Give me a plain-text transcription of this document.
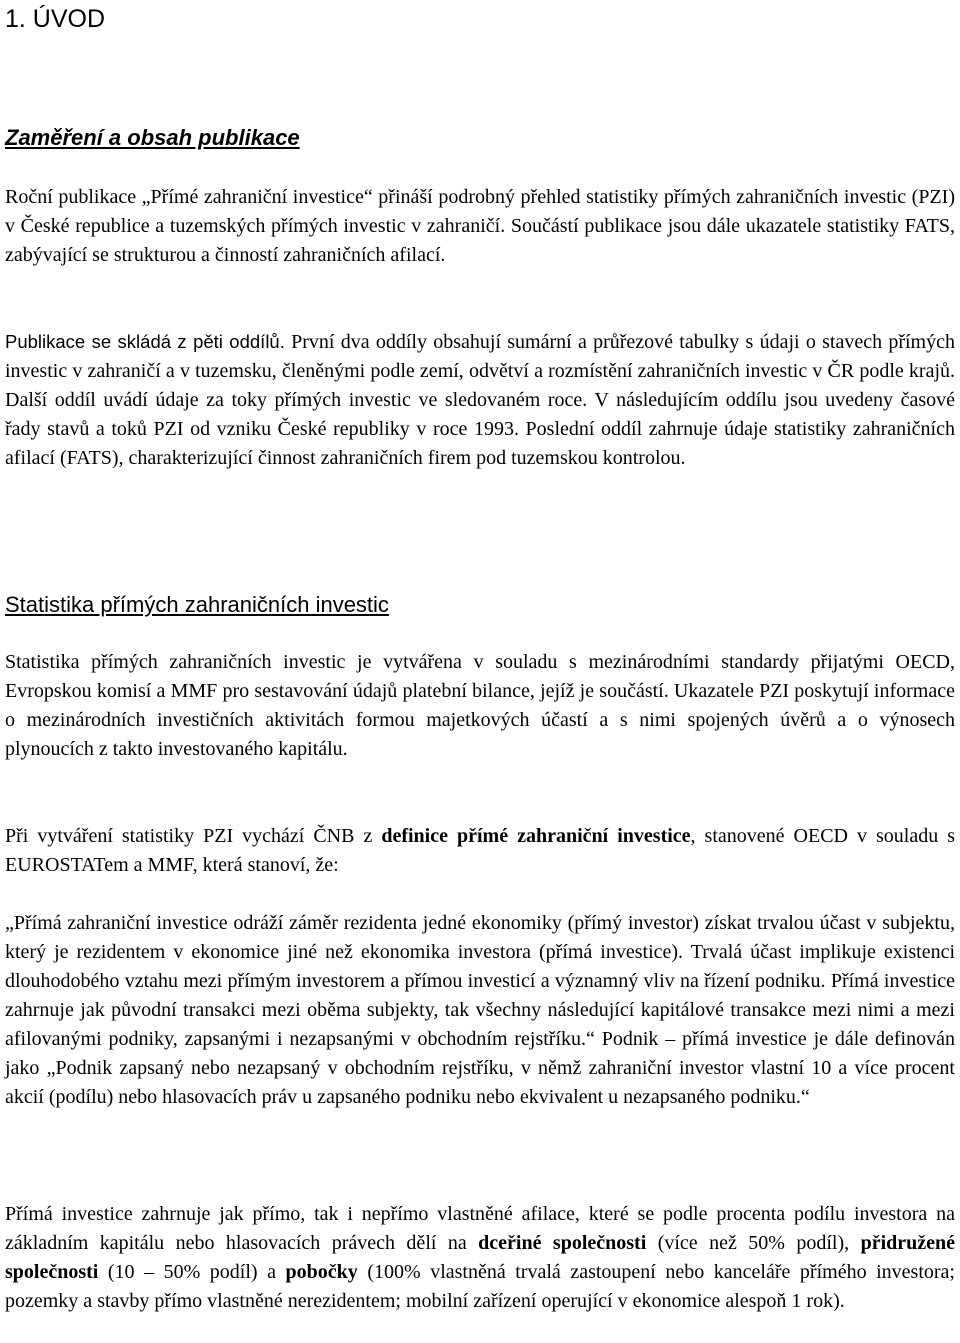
1. ÚVOD
Zaměření a obsah publikace

Roční publikace „Přímé zahraniční investice“ přináší podrobný přehled statistiky přímých zahraničních investic (PZI) v České republice a tuzemských přímých investic v zahraničí. Součástí publikace jsou dále ukazatele statistiky FATS, zabývající se strukturou a činností zahraničních afilací.

Publikace se skládá z pěti oddílů. První dva oddíly obsahují sumární a průřezové tabulky s údaji o stavech přímých investic v zahraničí a v tuzemsku, členěnými podle zemí, odvětví a rozmístění zahraničních investic v ČR podle krajů. Další oddíl uvádí údaje za toky přímých investic ve sledovaném roce. V následujícím oddílu jsou uvedeny časové řady stavů a toků PZI od vzniku České republiky v roce 1993. Poslední oddíl zahrnuje údaje statistiky zahraničních afilací (FATS), charakterizující činnost zahraničních firem pod tuzemskou kontrolou.

Statistika přímých zahraničních investic

Statistika přímých zahraničních investic je vytvářena v souladu s mezinárodními standardy přijatými OECD, Evropskou komisí a MMF pro sestavování údajů platební bilance, jejíž je součástí. Ukazatele PZI poskytují informace o mezinárodních investičních aktivitách formou majetkových účastí a s nimi spojených úvěrů a o výnosech plynoucích z takto investovaného kapitálu.

Při vytváření statistiky PZI vychází ČNB z definice přímé zahraniční investice, stanovené OECD v souladu s EUROSTATem a MMF, která stanoví, že:

„Přímá zahraniční investice odráží záměr rezidenta jedné ekonomiky (přímý investor) získat trvalou účast v subjektu, který je rezidentem v ekonomice jiné než ekonomika investora (přímá investice). Trvalá účast implikuje existenci dlouhodobého vztahu mezi přímým investorem a přímou investicí a významný vliv na řízení podniku. Přímá investice zahrnuje jak původní transakci mezi oběma subjekty, tak všechny následující kapitálové transakce mezi nimi a mezi afilovanými podniky, zapsanými i nezapsanými v obchodním rejstříku.“ Podnik – přímá investice je dále definován jako „Podnik zapsaný nebo nezapsaný v obchodním rejstříku, v němž zahraniční investor vlastní 10 a více procent akcií (podílu) nebo hlasovacích práv u zapsaného podniku nebo ekvivalent u nezapsaného podniku.“

Přímá investice zahrnuje jak přímo, tak i nepřímo vlastněné afilace, které se podle procenta podílu investora na základním kapitálu nebo hlasovacích právech dělí na dceřiné společnosti (více než 50% podíl), přidružené společnosti (10 – 50% podíl) a pobočky (100% vlastněná trvalá zastoupení nebo kanceláře přímého investora; pozemky a stavby přímo vlastněné nerezidentem; mobilní zařízení operující v ekonomice alespoň 1 rok).
